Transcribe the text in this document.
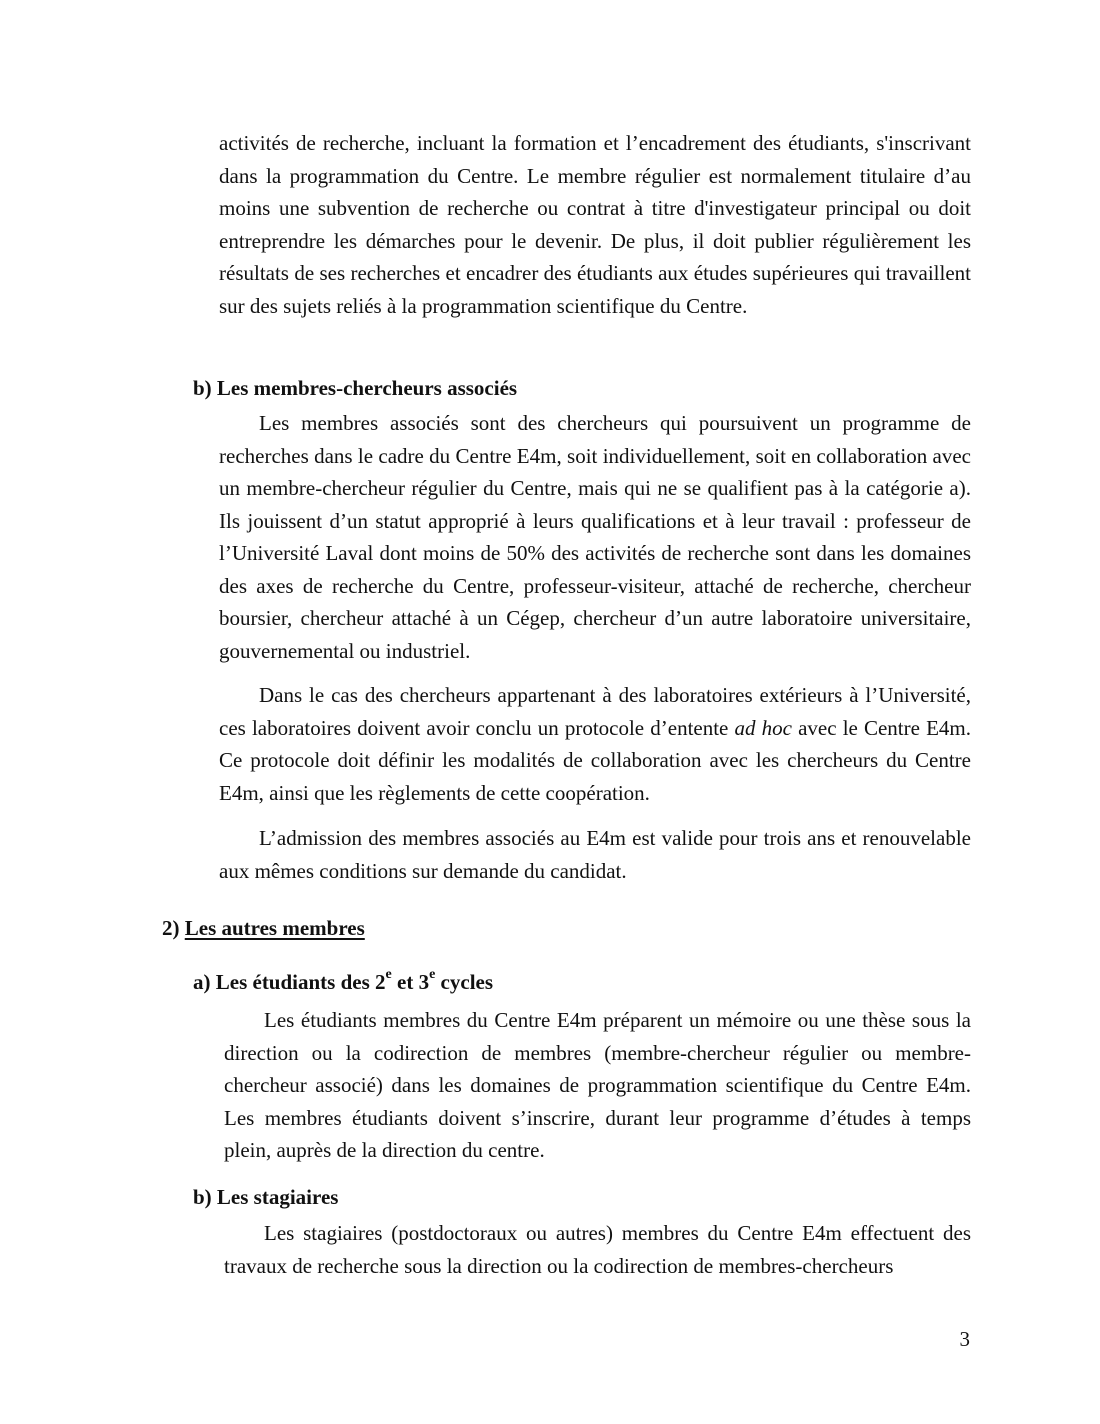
activités de recherche, incluant la formation et l’encadrement des étudiants, s'inscrivant dans la programmation du Centre. Le membre régulier est normalement titulaire d’au moins une subvention de recherche ou contrat à titre d'investigateur principal ou doit entreprendre les démarches pour le devenir. De plus, il doit publier régulièrement les résultats de ses recherches et encadrer des étudiants aux études supérieures qui travaillent sur des sujets reliés à la programmation scientifique du Centre.

b) Les membres-chercheurs associés

Les membres associés sont des chercheurs qui poursuivent un programme de recherches dans le cadre du Centre E4m, soit individuellement, soit en collaboration avec un membre-chercheur régulier du Centre, mais qui ne se qualifient pas à la catégorie a). Ils jouissent d’un statut approprié à leurs qualifications et à leur travail : professeur de l’Université Laval dont moins de 50% des activités de recherche sont dans les domaines des axes de recherche du Centre, professeur-visiteur, attaché de recherche, chercheur boursier, chercheur attaché à un Cégep, chercheur d’un autre laboratoire universitaire, gouvernemental ou industriel.

Dans le cas des chercheurs appartenant à des laboratoires extérieurs à l’Université, ces laboratoires doivent avoir conclu un protocole d’entente ad hoc avec le Centre E4m. Ce protocole doit définir les modalités de collaboration avec les chercheurs du Centre E4m, ainsi que les règlements de cette coopération.

L’admission des membres associés au E4m est valide pour trois ans et renouvelable aux mêmes conditions sur demande du candidat.

2) Les autres membres

a) Les étudiants des 2e et 3e cycles

Les étudiants membres du Centre E4m préparent un mémoire ou une thèse sous la direction ou la codirection de membres (membre-chercheur régulier ou membre-chercheur associé) dans les domaines de programmation scientifique du Centre E4m. Les membres étudiants doivent s’inscrire, durant leur programme d’études à temps plein, auprès de la direction du centre.

b) Les stagiaires

Les stagiaires (postdoctoraux ou autres) membres du Centre E4m effectuent des travaux de recherche sous la direction ou la codirection de membres-chercheurs

3
